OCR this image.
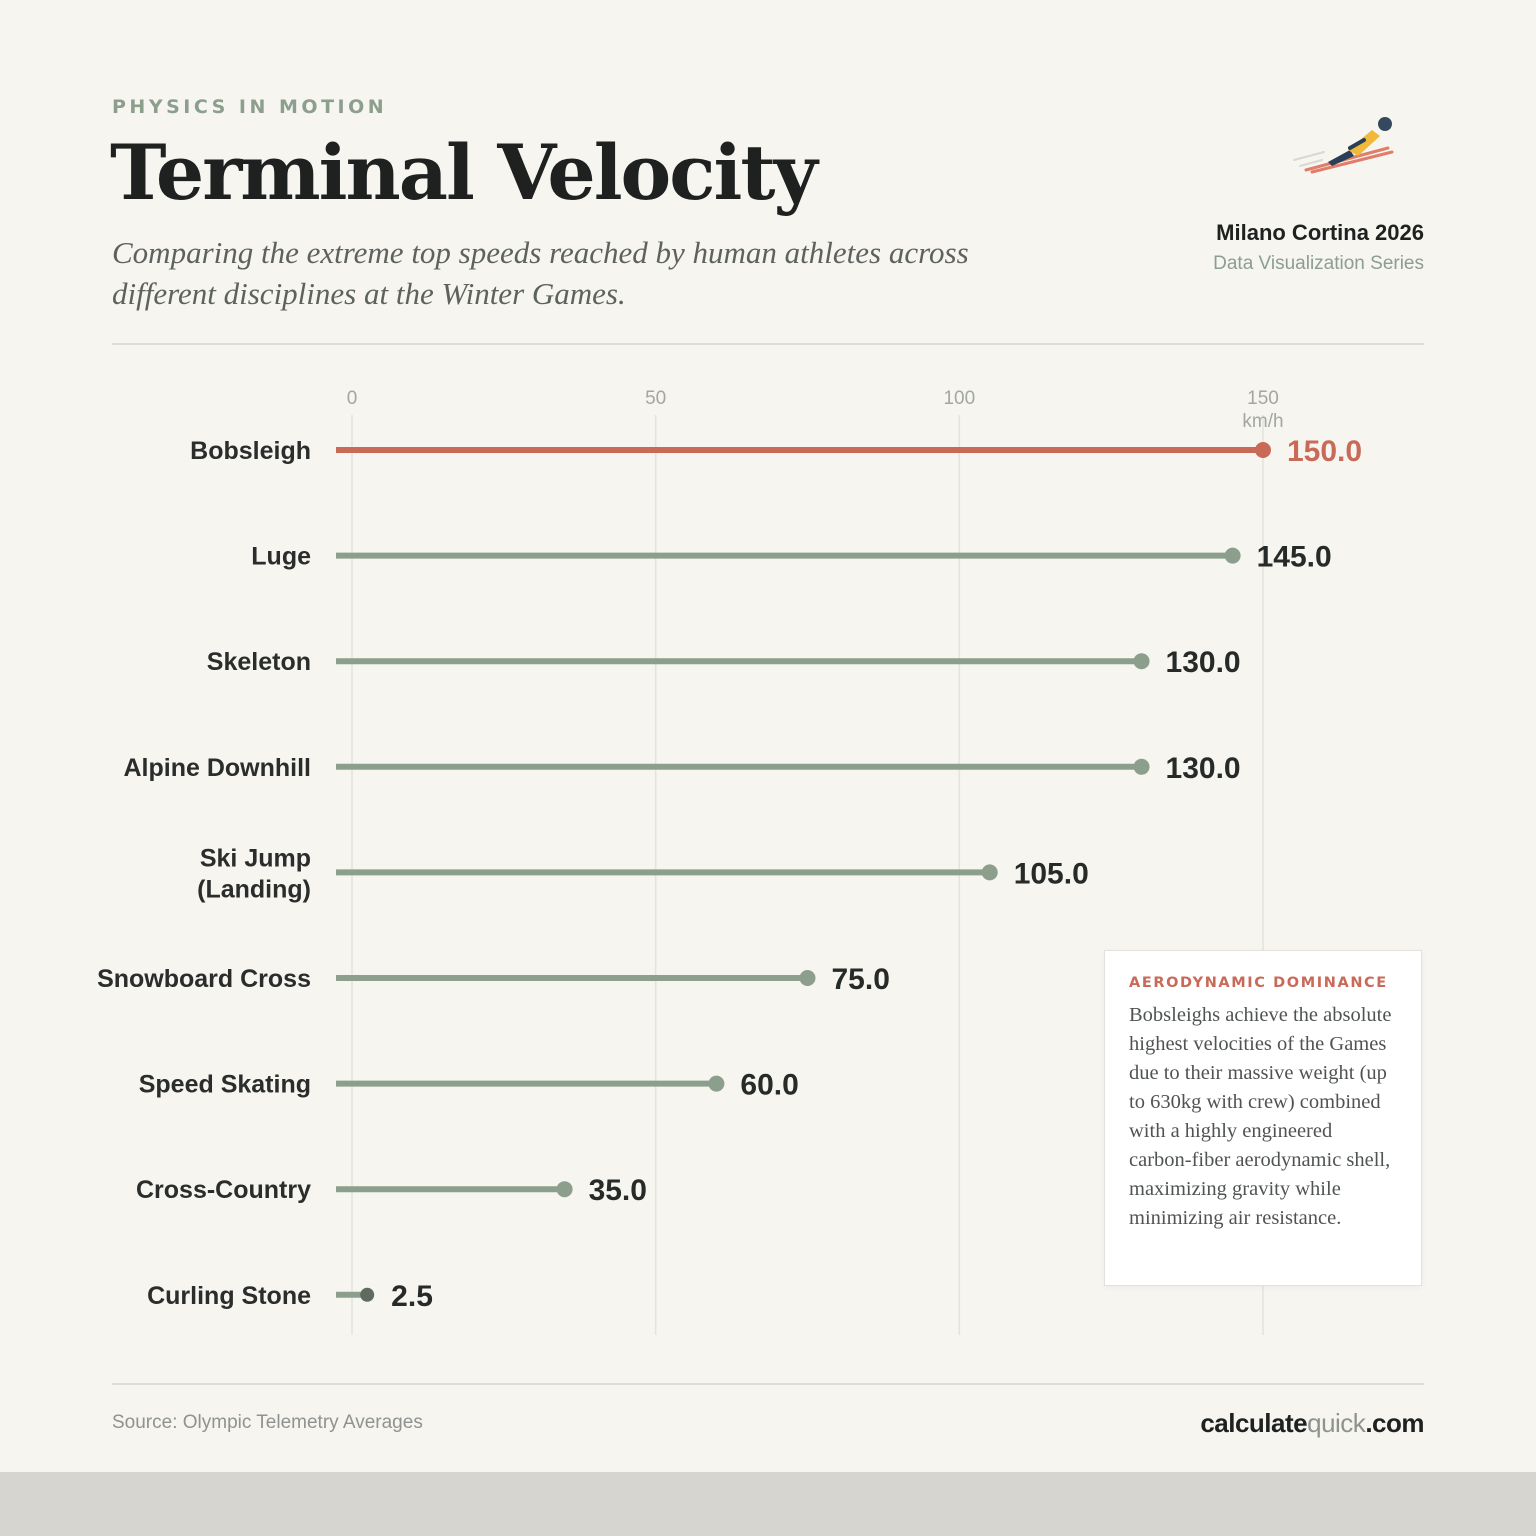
PHYSICS IN MOTION
Terminal Velocity
Comparing the extreme top speeds reached by human athletes across different disciplines at the Winter Games.
Milano Cortina 2026
Data Visualization Series
0	50	100	150
km/h
Bobsleigh	150.0
Luge	145.0
Skeleton	130.0
Alpine Downhill	130.0
Ski Jump (Landing)	105.0
Snowboard Cross	75.0
Speed Skating	60.0
Cross-Country	35.0
Curling Stone	2.5
AERODYNAMIC DOMINANCE
Bobsleighs achieve the absolute highest velocities of the Games due to their massive weight (up to 630kg with crew) combined with a highly engineered carbon-fiber aerodynamic shell, maximizing gravity while minimizing air resistance.
Source: Olympic Telemetry Averages	calculatequick.com
